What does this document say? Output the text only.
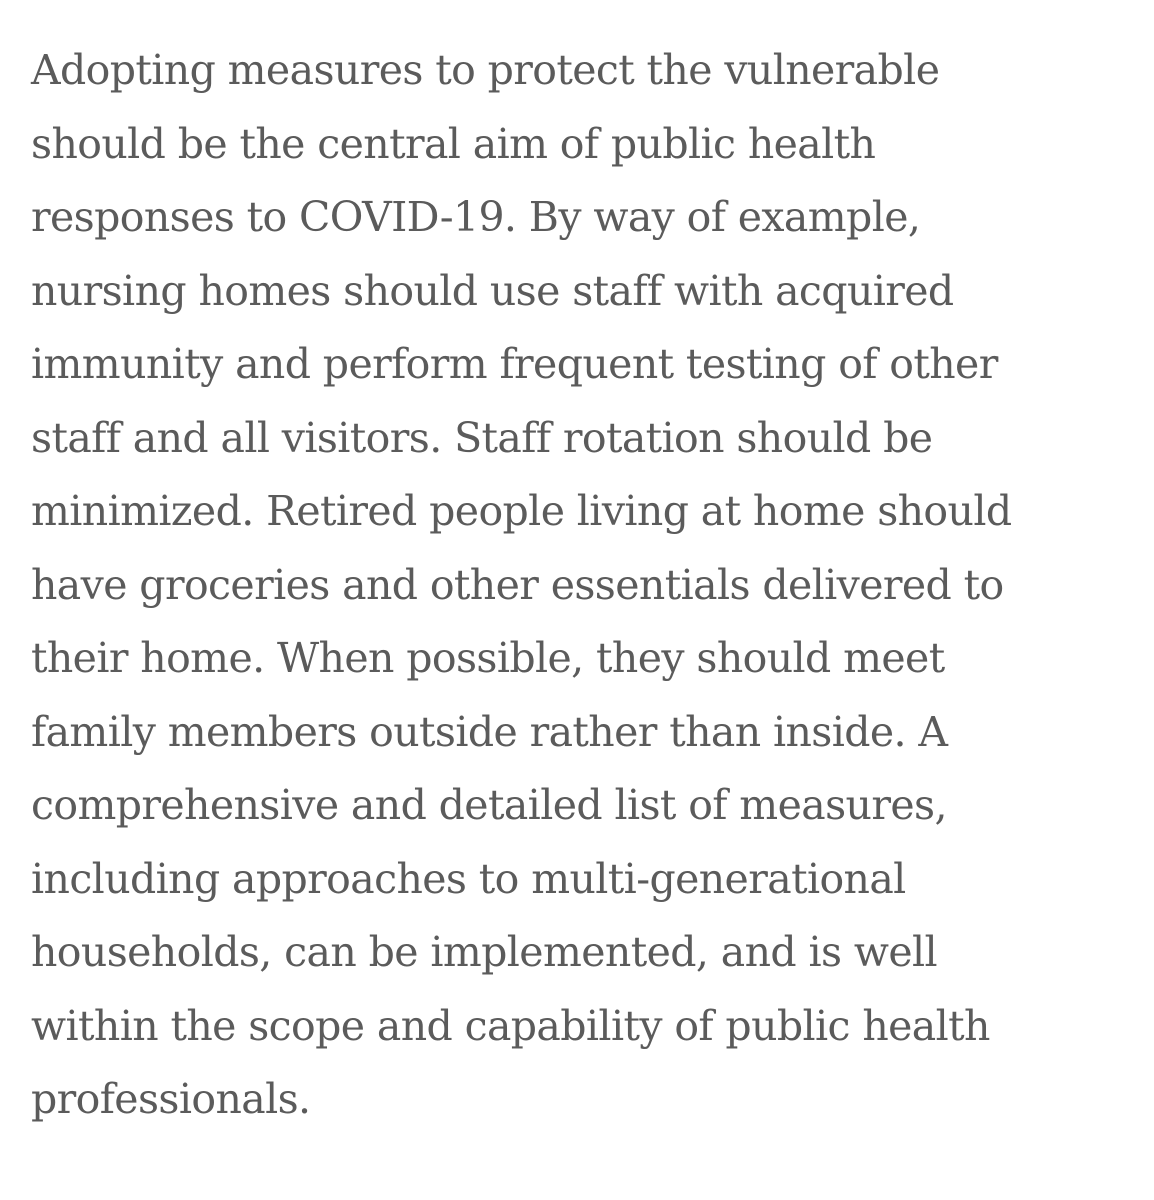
Adopting measures to protect the vulnerable
should be the central aim of public health
responses to COVID-19. By way of example,
nursing homes should use staff with acquired
immunity and perform frequent testing of other
staff and all visitors. Staff rotation should be
minimized. Retired people living at home should
have groceries and other essentials delivered to
their home. When possible, they should meet
family members outside rather than inside. A
comprehensive and detailed list of measures,
including approaches to multi-generational
households, can be implemented, and is well
within the scope and capability of public health
professionals.
